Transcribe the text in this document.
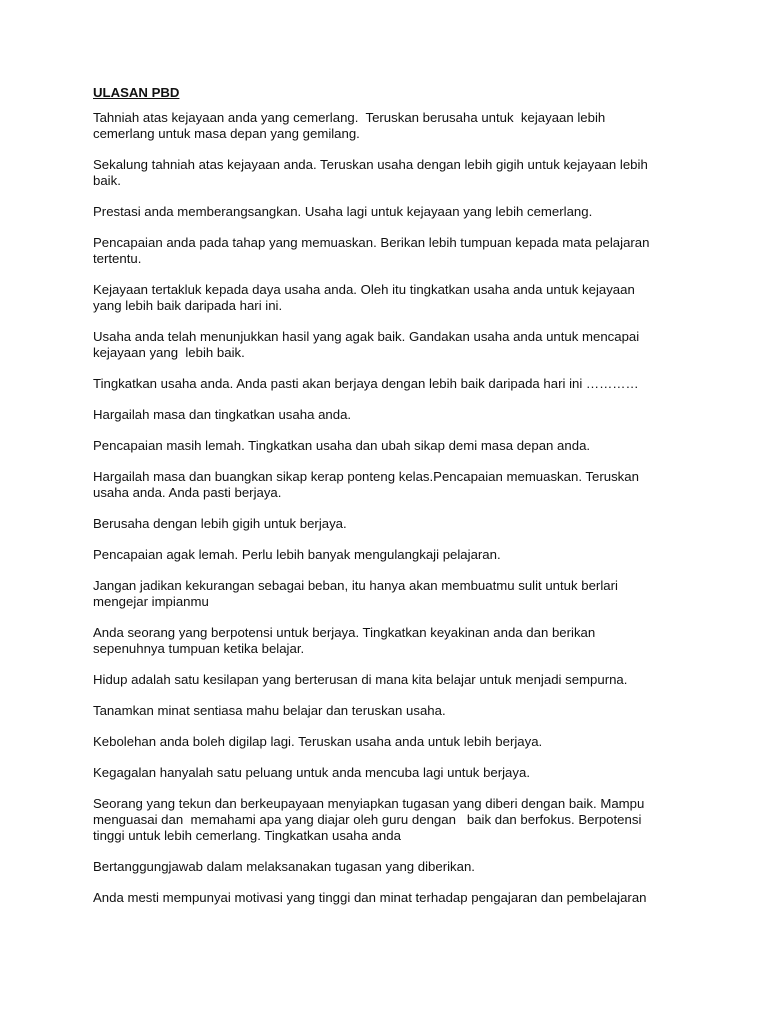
ULASAN PBD
Tahniah atas kejayaan anda yang cemerlang.  Teruskan berusaha untuk  kejayaan lebih
cemerlang untuk masa depan yang gemilang.
Sekalung tahniah atas kejayaan anda. Teruskan usaha dengan lebih gigih untuk kejayaan lebih
baik.
Prestasi anda memberangsangkan. Usaha lagi untuk kejayaan yang lebih cemerlang.
Pencapaian anda pada tahap yang memuaskan. Berikan lebih tumpuan kepada mata pelajaran
tertentu.
Kejayaan tertakluk kepada daya usaha anda. Oleh itu tingkatkan usaha anda untuk kejayaan
yang lebih baik daripada hari ini.
Usaha anda telah menunjukkan hasil yang agak baik. Gandakan usaha anda untuk mencapai
kejayaan yang  lebih baik.
Tingkatkan usaha anda. Anda pasti akan berjaya dengan lebih baik daripada hari ini …………
Hargailah masa dan tingkatkan usaha anda.
Pencapaian masih lemah. Tingkatkan usaha dan ubah sikap demi masa depan anda.
Hargailah masa dan buangkan sikap kerap ponteng kelas.Pencapaian memuaskan. Teruskan
usaha anda. Anda pasti berjaya.
Berusaha dengan lebih gigih untuk berjaya.
Pencapaian agak lemah. Perlu lebih banyak mengulangkaji pelajaran.
Jangan jadikan kekurangan sebagai beban, itu hanya akan membuatmu sulit untuk berlari
mengejar impianmu
Anda seorang yang berpotensi untuk berjaya. Tingkatkan keyakinan anda dan berikan
sepenuhnya tumpuan ketika belajar.
Hidup adalah satu kesilapan yang berterusan di mana kita belajar untuk menjadi sempurna.
Tanamkan minat sentiasa mahu belajar dan teruskan usaha.
Kebolehan anda boleh digilap lagi. Teruskan usaha anda untuk lebih berjaya.
Kegagalan hanyalah satu peluang untuk anda mencuba lagi untuk berjaya.
Seorang yang tekun dan berkeupayaan menyiapkan tugasan yang diberi dengan baik. Mampu
menguasai dan  memahami apa yang diajar oleh guru dengan   baik dan berfokus. Berpotensi
tinggi untuk lebih cemerlang. Tingkatkan usaha anda
Bertanggungjawab dalam melaksanakan tugasan yang diberikan.
Anda mesti mempunyai motivasi yang tinggi dan minat terhadap pengajaran dan pembelajaran
